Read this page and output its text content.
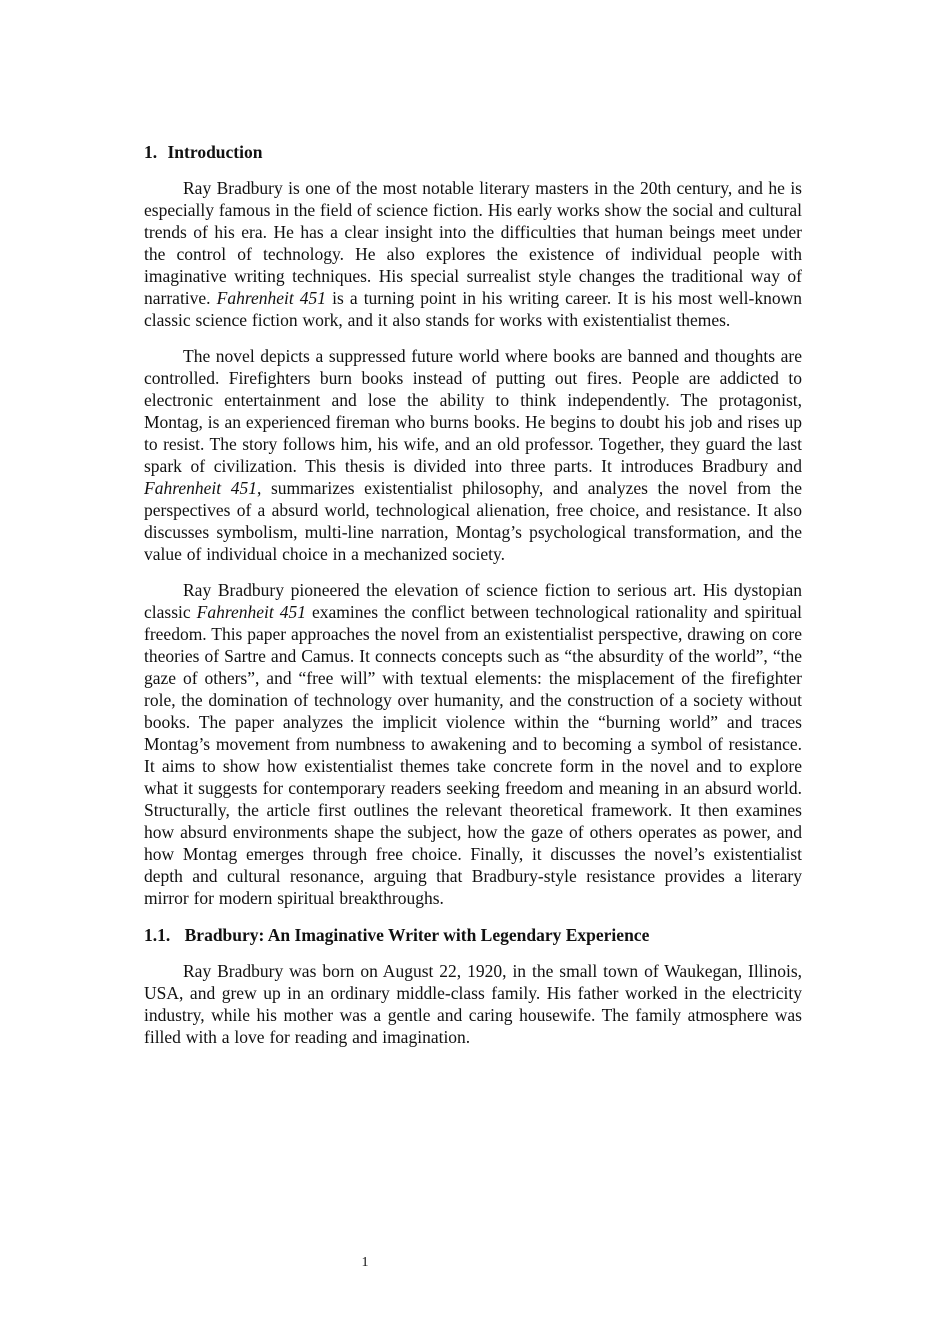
1. Introduction

Ray Bradbury is one of the most notable literary masters in the 20th century, and he is especially famous in the field of science fiction. His early works show the social and cultural trends of his era. He has a clear insight into the difficulties that human beings meet under the control of technology. He also explores the existence of individual people with imaginative writing techniques. His special surrealist style changes the traditional way of narrative. Fahrenheit 451 is a turning point in his writing career. It is his most well-known classic science fiction work, and it also stands for works with existentialist themes.

The novel depicts a suppressed future world where books are banned and thoughts are controlled. Firefighters burn books instead of putting out fires. People are addicted to electronic entertainment and lose the ability to think independently. The protagonist, Montag, is an experienced fireman who burns books. He begins to doubt his job and rises up to resist. The story follows him, his wife, and an old professor. Together, they guard the last spark of civilization. This thesis is divided into three parts. It introduces Bradbury and Fahrenheit 451, summarizes existentialist philosophy, and analyzes the novel from the perspectives of a absurd world, technological alienation, free choice, and resistance. It also discusses symbolism, multi-line narration, Montag’s psychological transformation, and the value of individual choice in a mechanized society.

Ray Bradbury pioneered the elevation of science fiction to serious art. His dystopian classic Fahrenheit 451 examines the conflict between technological rationality and spiritual freedom. This paper approaches the novel from an existentialist perspective, drawing on core theories of Sartre and Camus. It connects concepts such as “the absurdity of the world”, “the gaze of others”, and “free will” with textual elements: the misplacement of the firefighter role, the domination of technology over humanity, and the construction of a society without books. The paper analyzes the implicit violence within the “burning world” and traces Montag’s movement from numbness to awakening and to becoming a symbol of resistance. It aims to show how existentialist themes take concrete form in the novel and to explore what it suggests for contemporary readers seeking freedom and meaning in an absurd world. Structurally, the article first outlines the relevant theoretical framework. It then examines how absurd environments shape the subject, how the gaze of others operates as power, and how Montag emerges through free choice. Finally, it discusses the novel’s existentialist depth and cultural resonance, arguing that Bradbury-style resistance provides a literary mirror for modern spiritual breakthroughs.

1.1. Bradbury: An Imaginative Writer with Legendary Experience

Ray Bradbury was born on August 22, 1920, in the small town of Waukegan, Illinois, USA, and grew up in an ordinary middle-class family. His father worked in the electricity industry, while his mother was a gentle and caring housewife. The family atmosphere was filled with a love for reading and imagination.

1
